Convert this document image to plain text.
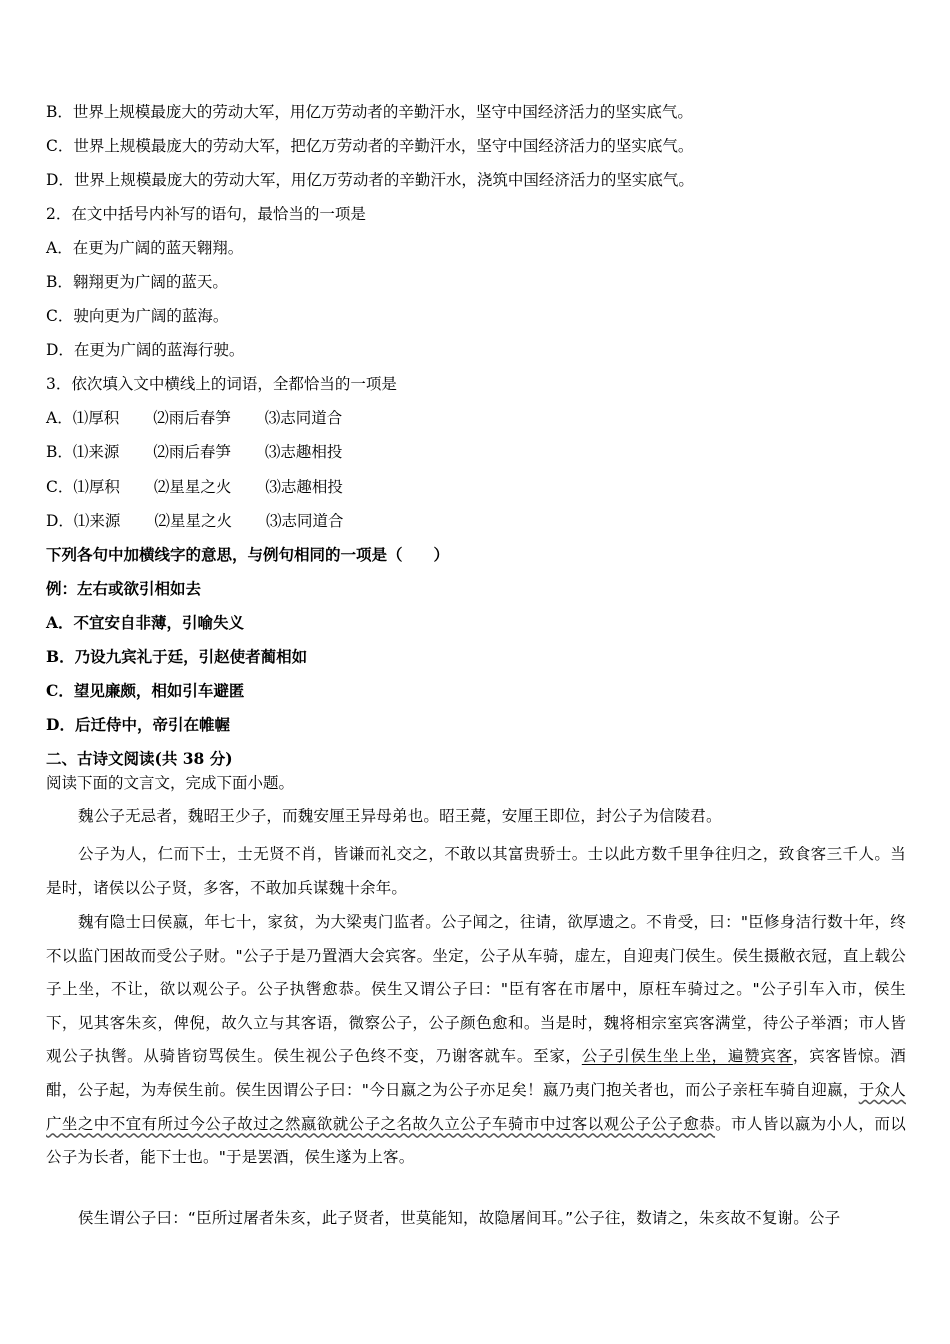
B．世界上规模最庞大的劳动大军，用亿万劳动者的辛勤汗水，坚守中国经济活力的坚实底气。
C．世界上规模最庞大的劳动大军，把亿万劳动者的辛勤汗水，坚守中国经济活力的坚实底气。
D．世界上规模最庞大的劳动大军，用亿万劳动者的辛勤汗水，浇筑中国经济活力的坚实底气。
2．在文中括号内补写的语句，最恰当的一项是
A．在更为广阔的蓝天翱翔。
B．翱翔更为广阔的蓝天。
C．驶向更为广阔的蓝海。
D．在更为广阔的蓝海行驶。
3．依次填入文中横线上的词语，全都恰当的一项是
A．⑴厚积 ⑵雨后春笋 ⑶志同道合
B．⑴来源 ⑵雨后春笋 ⑶志趣相投
C．⑴厚积 ⑵星星之火 ⑶志趣相投
D．⑴来源 ⑵星星之火 ⑶志同道合
下列各句中加横线字的意思，与例句相同的一项是（　　）
例：左右或欲引相如去
A．不宜安自非薄，引喻失义
B．乃设九宾礼于廷，引赵使者蔺相如
C．望见廉颇，相如引车避匿
D．后迁侍中，帝引在帷幄
二、古诗文阅读(共 38 分)
阅读下面的文言文，完成下面小题。
魏公子无忌者，魏昭王少子，而魏安厘王异母弟也。昭王薨，安厘王即位，封公子为信陵君。
公子为人，仁而下士，士无贤不肖，皆谦而礼交之，不敢以其富贵骄士。士以此方数千里争往归之，致食客三千人。当是时，诸侯以公子贤，多客，不敢加兵谋魏十余年。
魏有隐士曰侯嬴，年七十，家贫，为大梁夷门监者。公子闻之，往请，欲厚遗之。不肯受，曰："臣修身洁行数十年，终不以监门困故而受公子财。"公子于是乃置酒大会宾客。坐定，公子从车骑，虚左，自迎夷门侯生。侯生摄敝衣冠，直上载公子上坐，不让，欲以观公子。公子执辔愈恭。侯生又谓公子曰："臣有客在市屠中，原枉车骑过之。"公子引车入市，侯生下，见其客朱亥，俾倪，故久立与其客语，微察公子，公子颜色愈和。当是时，魏将相宗室宾客满堂，待公子举酒；市人皆观公子执辔。从骑皆窃骂侯生。侯生视公子色终不变，乃谢客就车。至家，公子引侯生坐上坐，遍赞宾客，宾客皆惊。酒酣，公子起，为寿侯生前。侯生因谓公子曰："今日嬴之为公子亦足矣！嬴乃夷门抱关者也，而公子亲枉车骑自迎嬴，于众人广坐之中不宜有所过今公子故过之然嬴欲就公子之名故久立公子车骑市中过客以观公子公子愈恭。市人皆以嬴为小人，而以公子为长者，能下士也。"于是罢酒，侯生遂为上客。
侯生谓公子曰：“臣所过屠者朱亥，此子贤者，世莫能知，故隐屠间耳。”公子往，数请之，朱亥故不复谢。公子
